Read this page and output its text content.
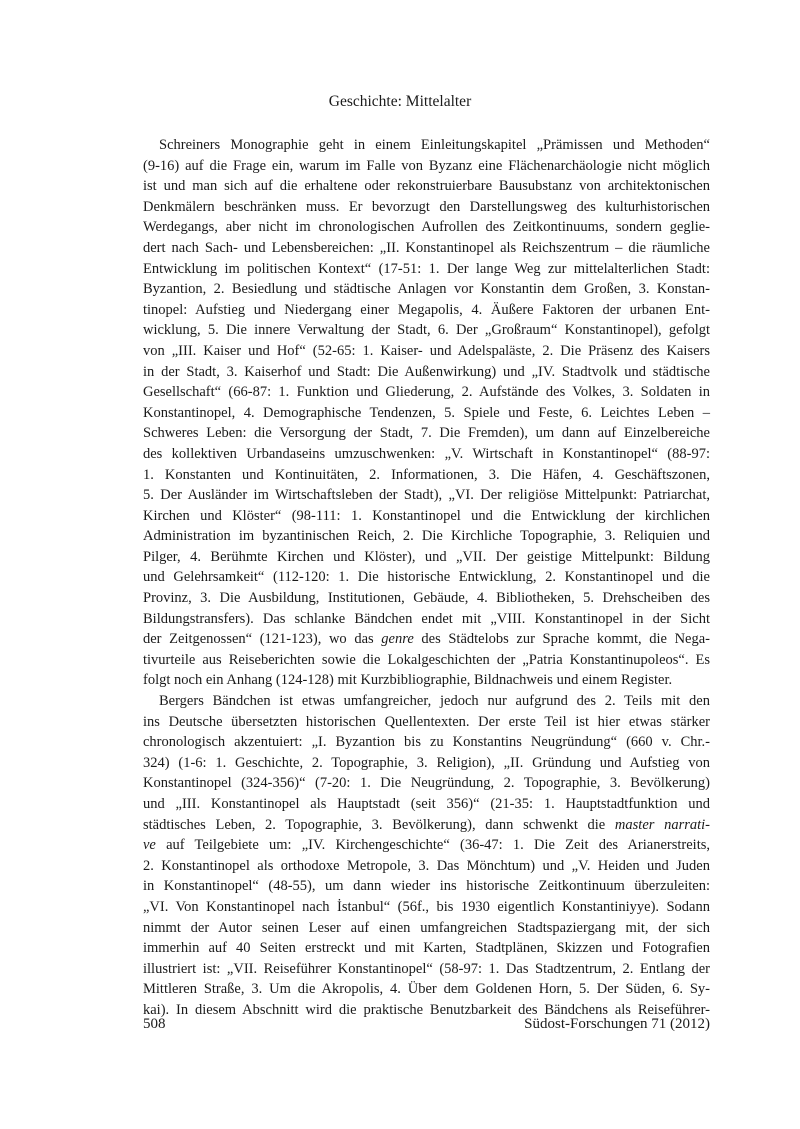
Geschichte: Mittelalter
Schreiners Monographie geht in einem Einleitungskapitel „Prämissen und Methoden“
(9-16) auf die Frage ein, warum im Falle von Byzanz eine Flächenarchäologie nicht möglich
ist und man sich auf die erhaltene oder rekonstruierbare Bausubstanz von architektonischen
Denkmälern beschränken muss. Er bevorzugt den Darstellungsweg des kulturhistorischen
Werdegangs, aber nicht im chronologischen Aufrollen des Zeitkontinuums, sondern geglie-
dert nach Sach- und Lebensbereichen: „II. Konstantinopel als Reichszentrum – die räumliche
Entwicklung im politischen Kontext“ (17-51: 1. Der lange Weg zur mittelalterlichen Stadt:
Byzantion, 2. Besiedlung und städtische Anlagen vor Konstantin dem Großen, 3. Konstan-
tinopel: Aufstieg und Niedergang einer Megapolis, 4. Äußere Faktoren der urbanen Ent-
wicklung, 5. Die innere Verwaltung der Stadt, 6. Der „Großraum“ Konstantinopel), gefolgt
von „III. Kaiser und Hof“ (52-65: 1. Kaiser- und Adelspaläste, 2. Die Präsenz des Kaisers
in der Stadt, 3. Kaiserhof und Stadt: Die Außenwirkung) und „IV. Stadtvolk und städtische
Gesellschaft“ (66-87: 1. Funktion und Gliederung, 2. Aufstände des Volkes, 3. Soldaten in
Konstantinopel, 4. Demographische Tendenzen, 5. Spiele und Feste, 6. Leichtes Leben –
Schweres Leben: die Versorgung der Stadt, 7. Die Fremden), um dann auf Einzelbereiche
des kollektiven Urbandaseins umzuschwenken: „V. Wirtschaft in Konstantinopel“ (88-97:
1. Konstanten und Kontinuitäten, 2. Informationen, 3. Die Häfen, 4. Geschäftszonen,
5. Der Ausländer im Wirtschaftsleben der Stadt), „VI. Der religiöse Mittelpunkt: Patriarchat,
Kirchen und Klöster“ (98-111: 1. Konstantinopel und die Entwicklung der kirchlichen
Administration im byzantinischen Reich, 2. Die Kirchliche Topographie, 3. Reliquien und
Pilger, 4. Berühmte Kirchen und Klöster), und „VII. Der geistige Mittelpunkt: Bildung
und Gelehrsamkeit“ (112-120: 1. Die historische Entwicklung, 2. Konstantinopel und die
Provinz, 3. Die Ausbildung, Institutionen, Gebäude, 4. Bibliotheken, 5. Drehscheiben des
Bildungstransfers). Das schlanke Bändchen endet mit „VIII. Konstantinopel in der Sicht
der Zeitgenossen“ (121-123), wo das genre des Städtelobs zur Sprache kommt, die Nega-
tivurteile aus Reiseberichten sowie die Lokalgeschichten der „Patria Konstantinupoleos“. Es
folgt noch ein Anhang (124-128) mit Kurzbibliographie, Bildnachweis und einem Register.
Bergers Bändchen ist etwas umfangreicher, jedoch nur aufgrund des 2. Teils mit den
ins Deutsche übersetzten historischen Quellentexten. Der erste Teil ist hier etwas stärker
chronologisch akzentuiert: „I. Byzantion bis zu Konstantins Neugründung“ (660 v. Chr.-
324) (1-6: 1. Geschichte, 2. Topographie, 3. Religion), „II. Gründung und Aufstieg von
Konstantinopel (324-356)“ (7-20: 1. Die Neugründung, 2. Topographie, 3. Bevölkerung)
und „III. Konstantinopel als Hauptstadt (seit 356)“ (21-35: 1. Hauptstadtfunktion und
städtisches Leben, 2. Topographie, 3. Bevölkerung), dann schwenkt die master narrati-
ve auf Teilgebiete um: „IV. Kirchengeschichte“ (36-47: 1. Die Zeit des Arianerstreits,
2. Konstantinopel als orthodoxe Metropole, 3. Das Mönchtum) und „V. Heiden und Juden
in Konstantinopel“ (48-55), um dann wieder ins historische Zeitkontinuum überzuleiten:
„VI. Von Konstantinopel nach İstanbul“ (56f., bis 1930 eigentlich Konstantiniyye). Sodann
nimmt der Autor seinen Leser auf einen umfangreichen Stadtspaziergang mit, der sich
immerhin auf 40 Seiten erstreckt und mit Karten, Stadtplänen, Skizzen und Fotografien
illustriert ist: „VII. Reiseführer Konstantinopel“ (58-97: 1. Das Stadtzentrum, 2. Entlang der
Mittleren Straße, 3. Um die Akropolis, 4. Über dem Goldenen Horn, 5. Der Süden, 6. Sy-
kai). In diesem Abschnitt wird die praktische Benutzbarkeit des Bändchens als Reiseführer-
508	Südost-Forschungen 71 (2012)
